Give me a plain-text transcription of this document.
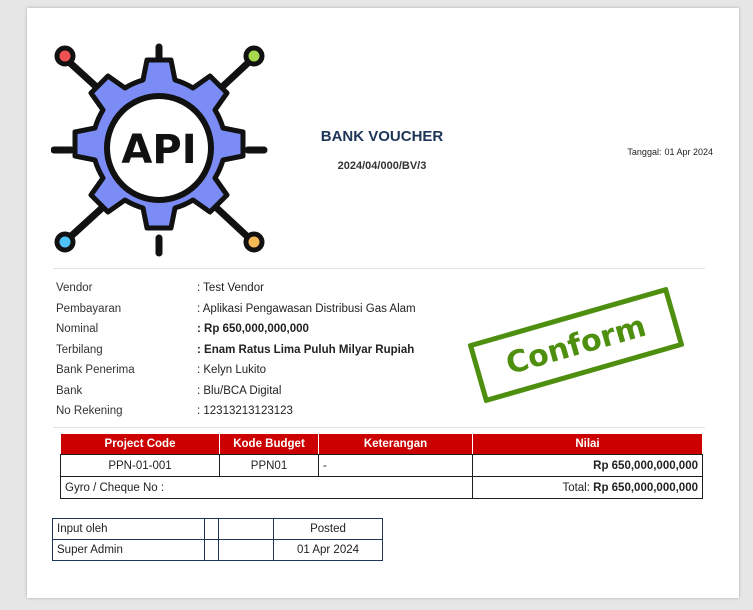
API	BANK VOUCHER
2024/04/000/BV/3
Tanggal: 01 Apr 2024
Vendor	: Test Vendor
Pembayaran	: Aplikasi Pengawasan Distribusi Gas Alam
Nominal	: Rp 650,000,000,000
Terbilang	: Enam Ratus Lima Puluh Milyar Rupiah
Bank Penerima	: Kelyn Lukito
Bank	: Blu/BCA Digital
No Rekening	: 12313213123123
Conform
Project Code	Kode Budget	Keterangan	Nilai
PPN-01-001	PPN01	-	Rp 650,000,000,000
Gyro / Cheque No :			Total: Rp 650,000,000,000
Input oleh			Posted
Super Admin			01 Apr 2024
